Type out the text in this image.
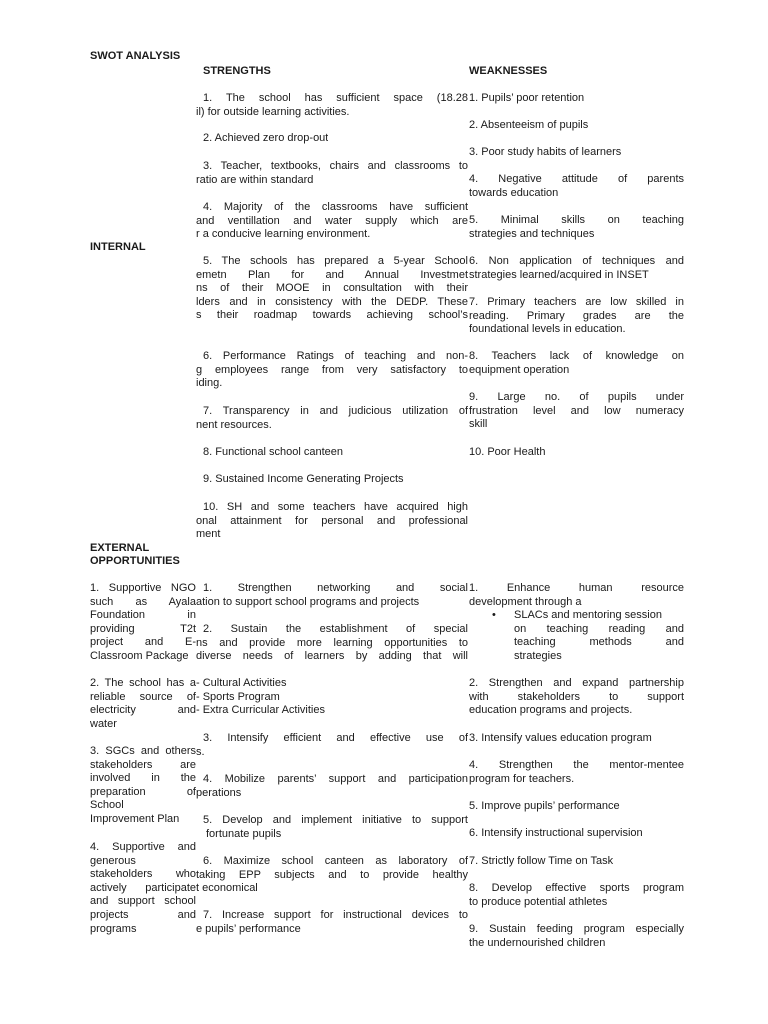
SWOT ANALYSIS

STRENGTHS	WEAKNESSES

INTERNAL

EXTERNAL

OPPORTUNITIES

1. The school has sufficient space (18.28

il) for outside learning activities.

2. Achieved zero drop-out

3. Teacher, textbooks, chairs and classrooms to

ratio are within standard

4. Majority of the classrooms have sufficient

and ventillation and water supply which are

r a conducive learning environment.

5. The schools has prepared a 5-year School

emetn Plan for and Annual Investmet

ns of their MOOE in consultation with their

lders and in consistency with the DEDP. These

s their roadmap towards achieving school’s

6. Performance Ratings of teaching and non-

g employees range from very satisfactory to

iding.

7. Transparency in and judicious utilization of

nent resources.

8. Functional school canteen

9. Sustained Income Generating Projects

10. SH and some teachers have acquired high

onal attainment for personal and professional

ment

1. Pupils’ poor retention

2. Absenteeism of pupils

3. Poor study habits of learners

4. Negative attitude of parents

towards education

5. Minimal skills on teaching

strategies and techniques

6. Non application of techniques and

strategies learned/acquired in INSET

7. Primary teachers are low skilled in

reading. Primary grades are the

foundational levels in education.

8. Teachers lack of knowledge on

equipment operation

9. Large no. of pupils under

frustration level and low numeracy

skill

10. Poor Health

1. Supportive NGO

such as Ayala

Foundation in

providing T2t

project and E-

Classroom Package

2. The school has a

reliable source of

electricity and

water

3. SGCs and others

stakeholders are

involved in the

preparation of

School

Improvement Plan

4. Supportive and

generous

stakeholders who

actively participate

and support school

projects and

programs

1. Strengthen networking and social

ation to support school programs and projects

2. Sustain the establishment of special

ns and provide more learning opportunities to

diverse needs of learners by adding that will

- Cultural Activities

- Sports Program

- Extra Curricular Activities

3. Intensify efficient and effective use of

s.

4. Mobilize parents’ support and participation

perations

5. Develop and implement initiative to support

fortunate pupils

6. Maximize school canteen as laboratory of

taking EPP subjects and to provide healthy

t economical

7. Increase support for instructional devices to

e pupils’ performance

1. Enhance human resource

development through a

• SLACs and mentoring session

on teaching reading and

teaching methods and

strategies

2. Strengthen and expand partnership

with stakeholders to support

education programs and projects.

3. Intensify values education program

4. Strengthen the mentor-mentee

program for teachers.

5. Improve pupils’ performance

6. Intensify instructional supervision

7. Strictly follow Time on Task

8. Develop effective sports program

to produce potential athletes

9. Sustain feeding program especially

the undernourished children
